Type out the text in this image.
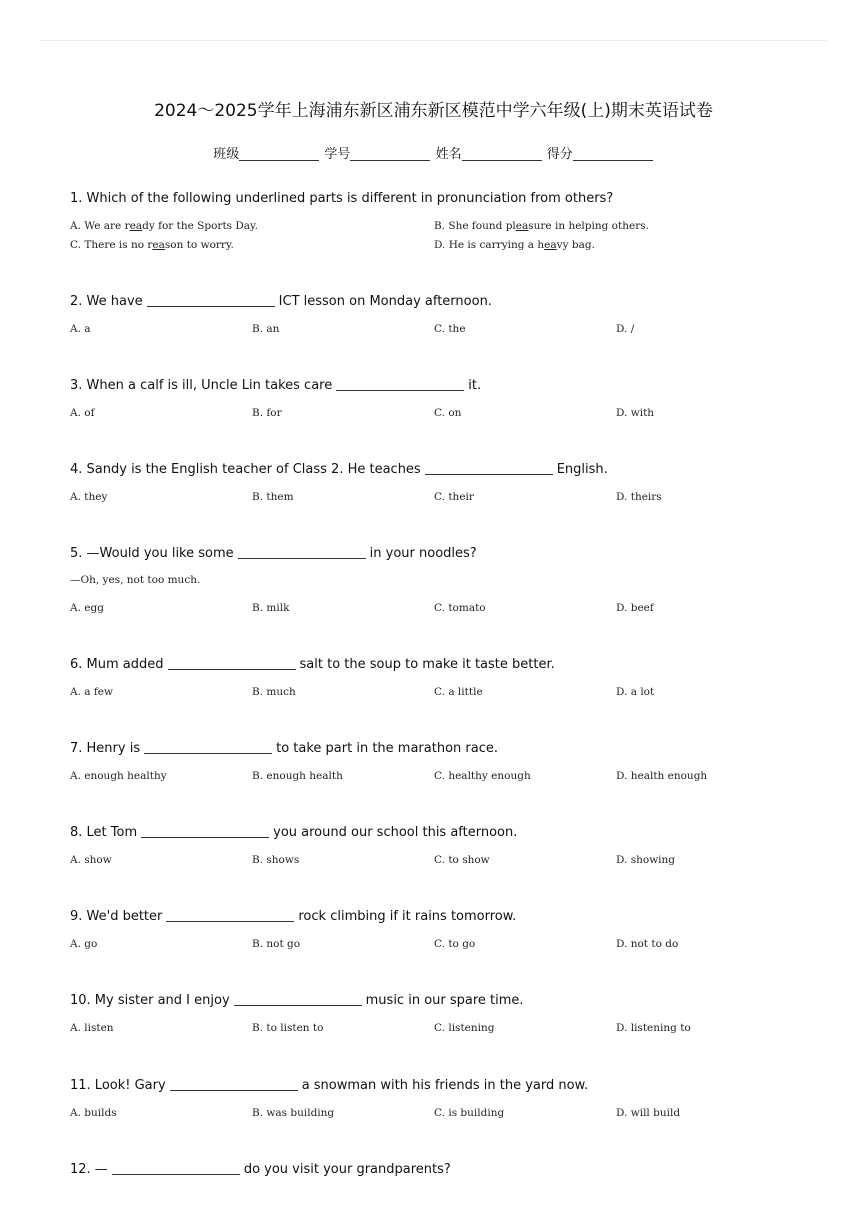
2024～2025学年上海浦东新区浦东新区模范中学六年级(上)期末英语试卷
班级	学号	姓名	得分
1. Which of the following underlined parts is different in pronunciation from others?
A. We are ready for the Sports Day.	B. She found pleasure in helping others.
C. There is no reason to worry.	D. He is carrying a heavy bag.
2. We have	ICT lesson on Monday afternoon.
A. a	B. an	C. the	D. /
3. When a calf is ill, Uncle Lin takes care	it.
A. of	B. for	C. on	D. with
4. Sandy is the English teacher of Class 2. He teaches	English.
A. they	B. them	C. their	D. theirs
5. —Would you like some	in your noodles?
—Oh, yes, not too much.
A. egg	B. milk	C. tomato	D. beef
6. Mum added	salt to the soup to make it taste better.
A. a few	B. much	C. a little	D. a lot
7. Henry is	to take part in the marathon race.
A. enough healthy	B. enough health	C. healthy enough	D. health enough
8. Let Tom	you around our school this afternoon.
A. show	B. shows	C. to show	D. showing
9. We'd better	rock climbing if it rains tomorrow.
A. go	B. not go	C. to go	D. not to do
10. My sister and I enjoy	music in our spare time.
A. listen	B. to listen to	C. listening	D. listening to
11. Look! Gary	a snowman with his friends in the yard now.
A. builds	B. was building	C. is building	D. will build
12. —	do you visit your grandparents?
